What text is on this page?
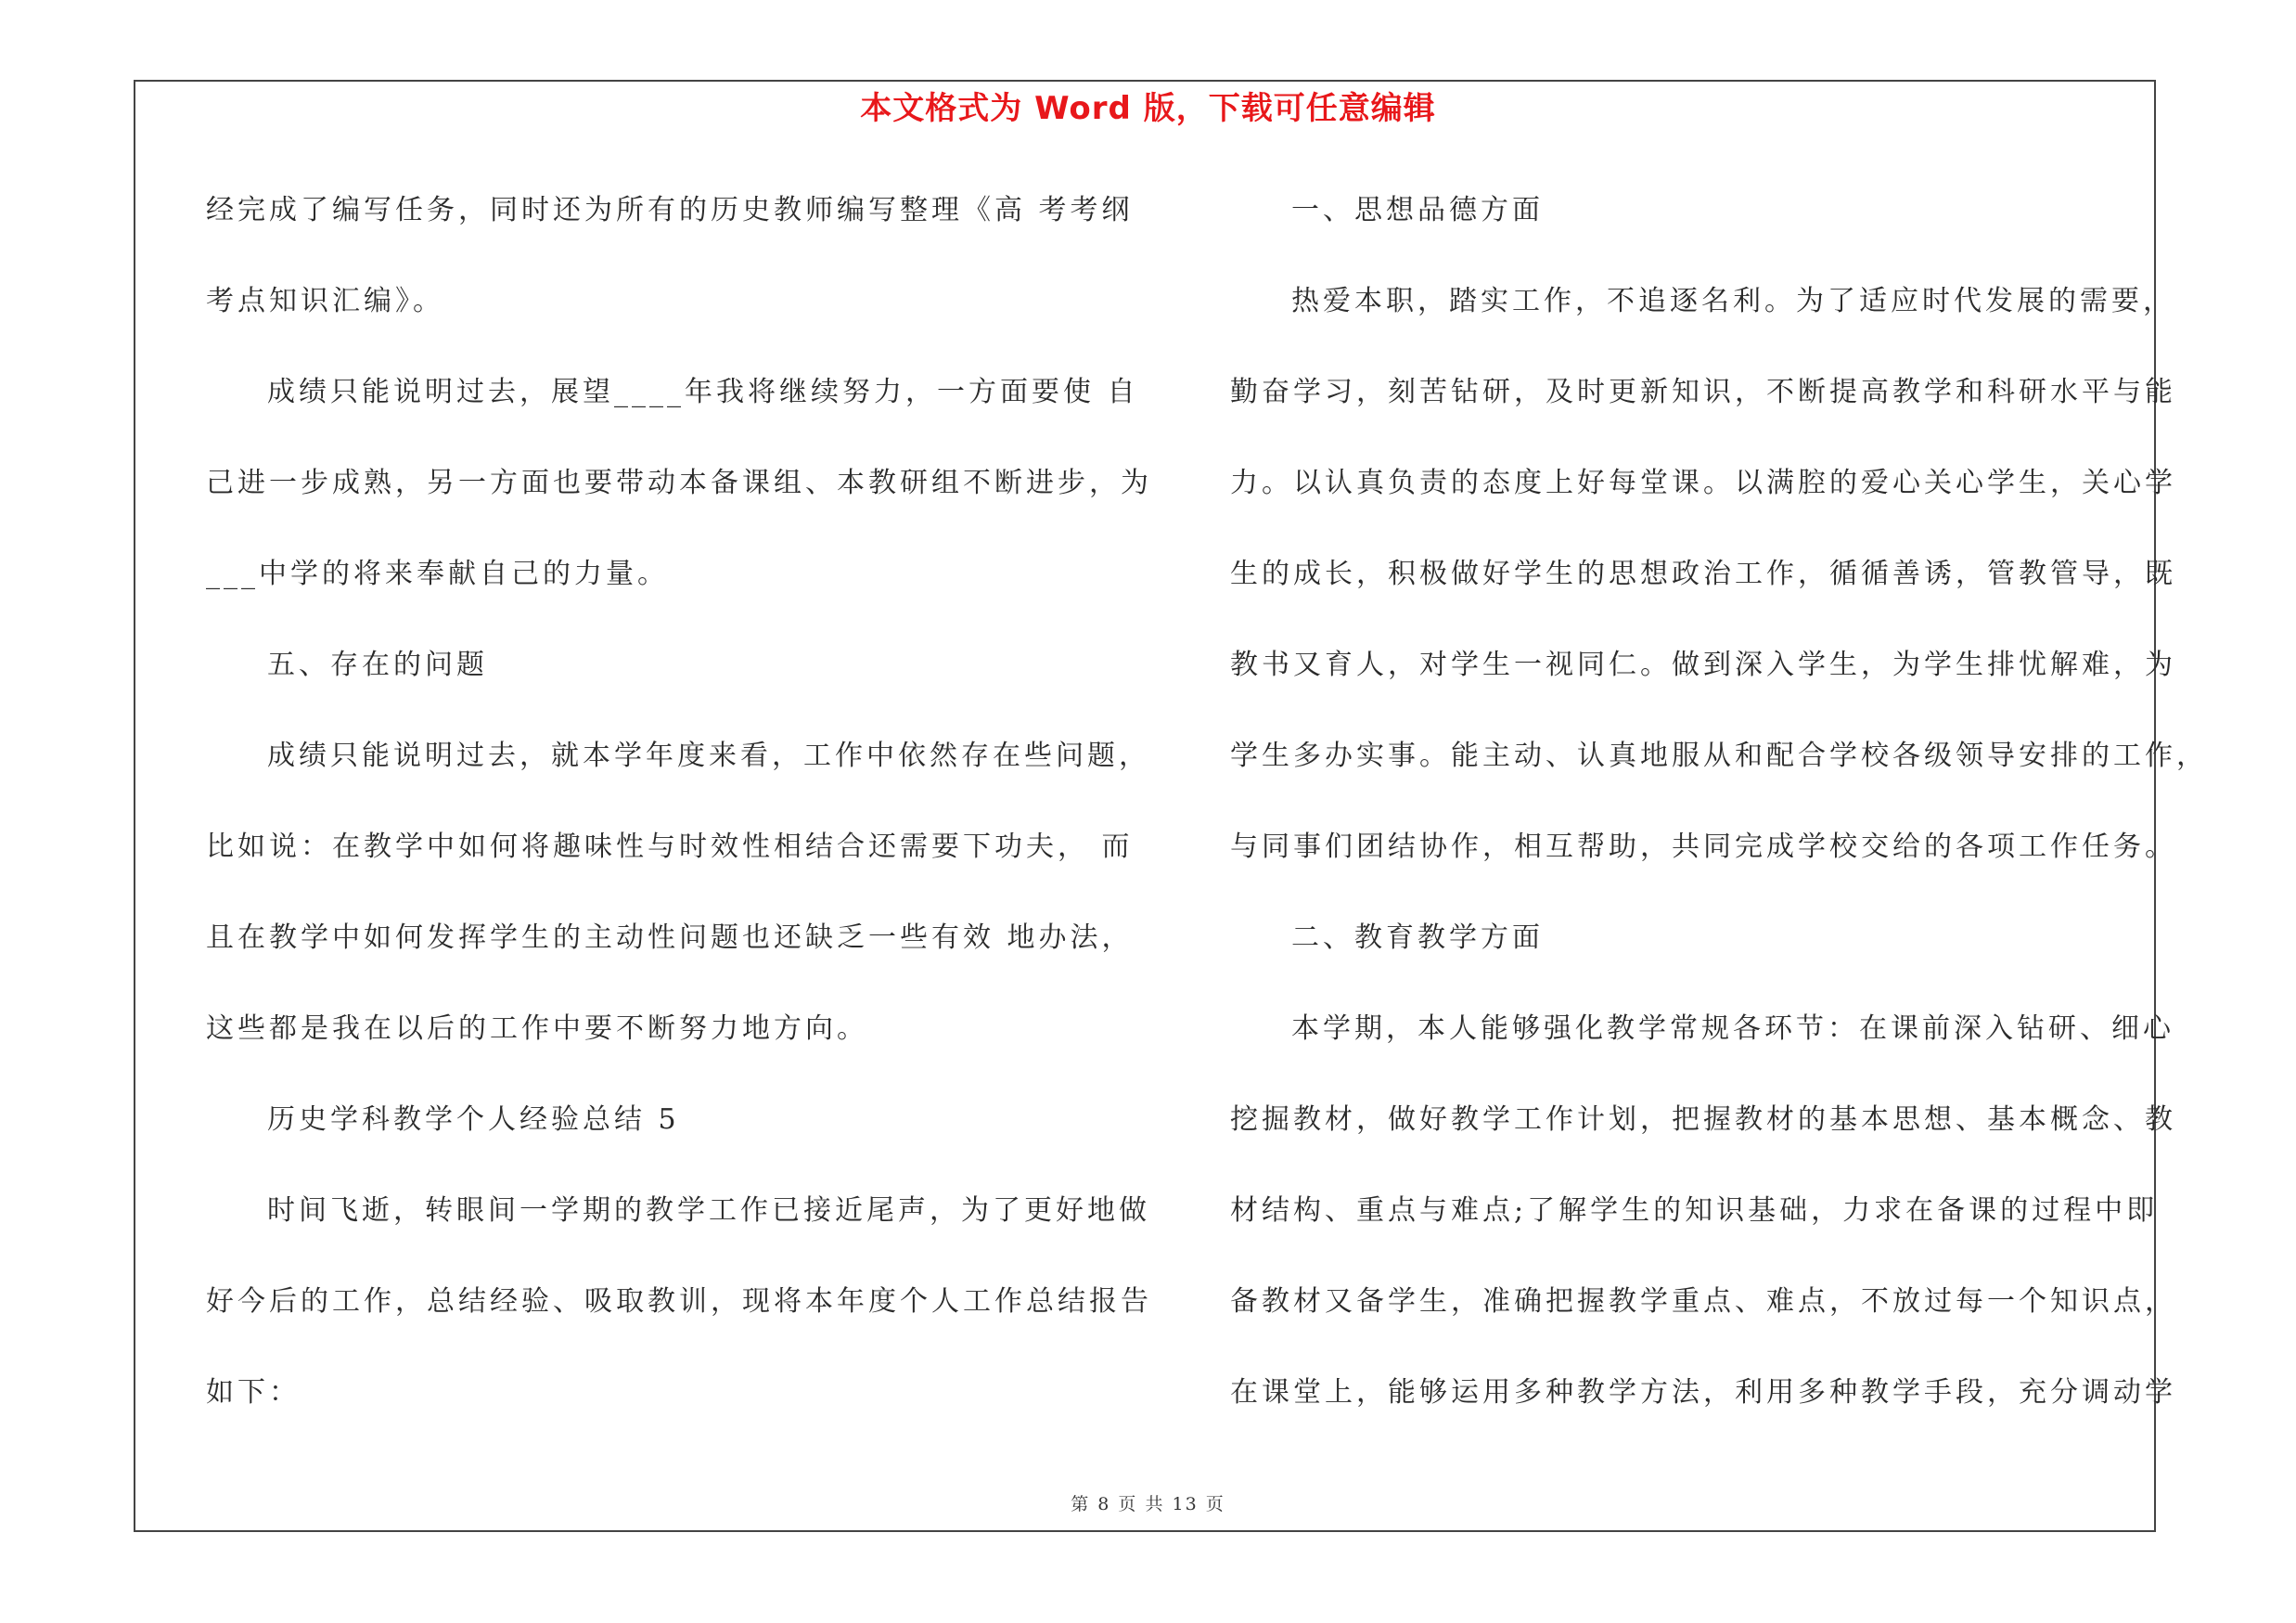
本文格式为 Word 版，下载可任意编辑
经完成了编写任务，同时还为所有的历史教师编写整理《高 考考纲
考点知识汇编》。
成绩只能说明过去，展望____年我将继续努力，一方面要使 自
己进一步成熟，另一方面也要带动本备课组、本教研组不断进步，为
___中学的将来奉献自己的力量。
五、存在的问题
成绩只能说明过去，就本学年度来看，工作中依然存在些问题，
比如说：在教学中如何将趣味性与时效性相结合还需要下功夫， 而
且在教学中如何发挥学生的主动性问题也还缺乏一些有效 地办法，
这些都是我在以后的工作中要不断努力地方向。
历史学科教学个人经验总结 5
时间飞逝，转眼间一学期的教学工作已接近尾声，为了更好地做
好今后的工作，总结经验、吸取教训，现将本年度个人工作总结报告
如下：
一、思想品德方面
热爱本职，踏实工作，不追逐名利。为了适应时代发展的需要，
勤奋学习，刻苦钻研，及时更新知识，不断提高教学和科研水平与能
力。以认真负责的态度上好每堂课。以满腔的爱心关心学生，关心学
生的成长，积极做好学生的思想政治工作，循循善诱，管教管导，既
教书又育人，对学生一视同仁。做到深入学生，为学生排忧解难，为
学生多办实事。能主动、认真地服从和配合学校各级领导安排的工作，
与同事们团结协作，相互帮助，共同完成学校交给的各项工作任务。
二、教育教学方面
本学期，本人能够强化教学常规各环节：在课前深入钻研、细心
挖掘教材，做好教学工作计划，把握教材的基本思想、基本概念、教
材结构、重点与难点;了解学生的知识基础，力求在备课的过程中即
备教材又备学生，准确把握教学重点、难点，不放过每一个知识点，
在课堂上，能够运用多种教学方法，利用多种教学手段，充分调动学
第 8 页 共 13 页
